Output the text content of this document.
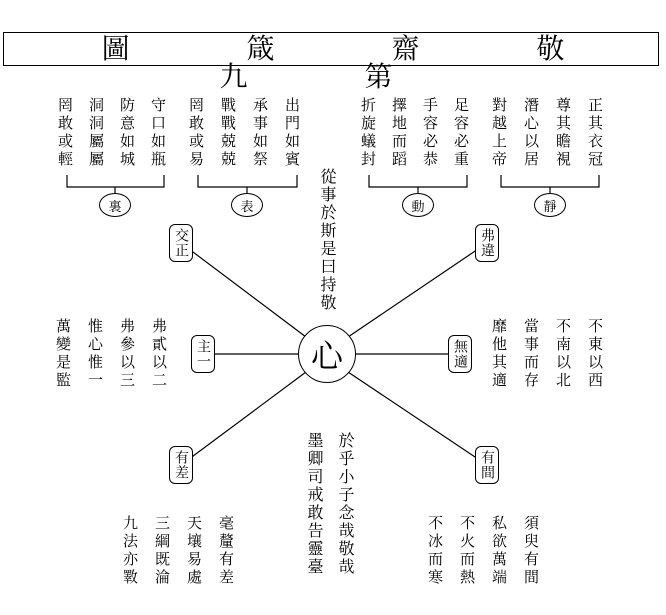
圖 箴 齋 敬 九 第
守口如瓶
防意如城
洞洞屬屬
罔敢或輕	出門如賓
承事如祭
戰戰兢兢
罔敢或易	足容必重
手容必恭
擇地而蹈
折旋蟻封	正其衣冠
尊其瞻視
潛心以居
對越上帝
裏	表	動	靜
從事於斯是曰持敬
心
交正	弗違
主一	無適
有差	有間
弗貳以二
弗參以三
惟心惟一
萬變是監	不東以西
不南以北
當事而存
靡他其適
於乎小子念哉敬哉
墨卿司戒敢告靈臺
毫釐有差
天壤易處
三綱既淪
九法亦斁	須臾有間
私欲萬端
不火而熱
不冰而寒
